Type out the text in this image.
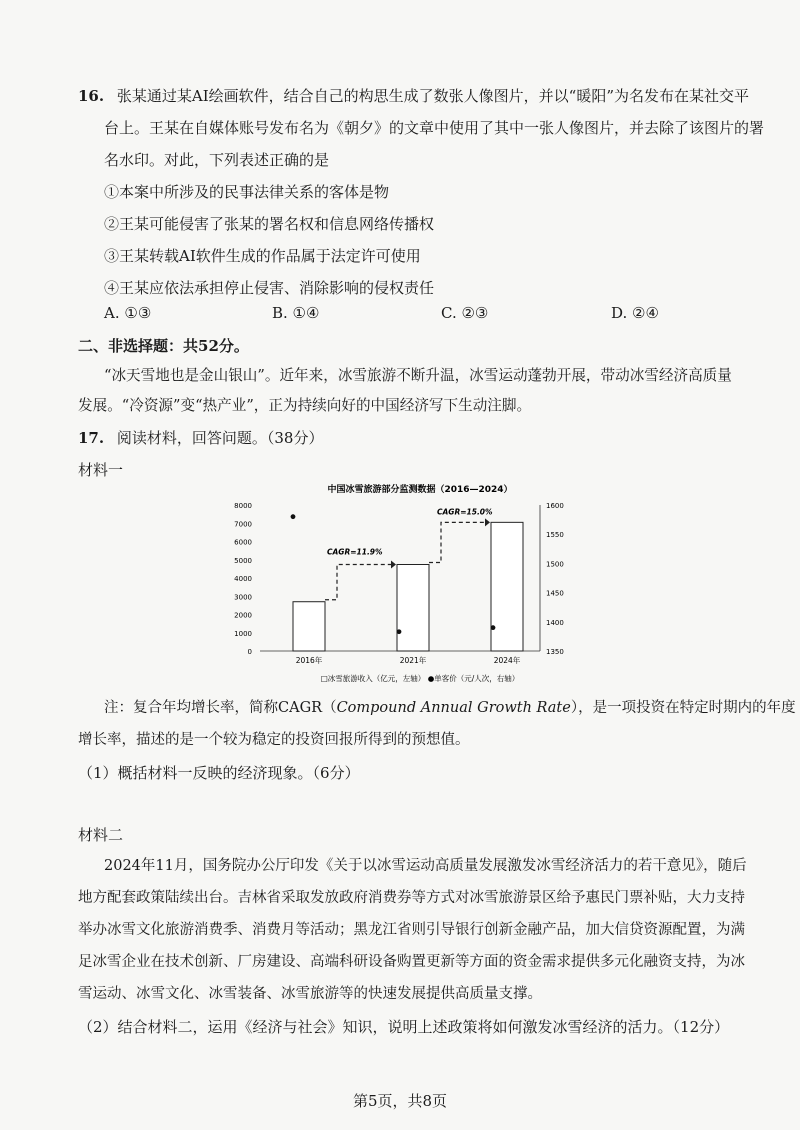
16. 张某通过某AI绘画软件，结合自己的构思生成了数张人像图片，并以“暖阳”为名发布在某社交平
台上。王某在自媒体账号发布名为《朝夕》的文章中使用了其中一张人像图片，并去除了该图片的署
名水印。对此，下列表述正确的是
①本案中所涉及的民事法律关系的客体是物
②王某可能侵害了张某的署名权和信息网络传播权
③王某转载AI软件生成的作品属于法定许可使用
④王某应依法承担停止侵害、消除影响的侵权责任
A. ①③	B. ①④	C. ②③	D. ②④
二、非选择题：共52分。
“冰天雪地也是金山银山”。近年来，冰雪旅游不断升温，冰雪运动蓬勃开展，带动冰雪经济高质量
发展。“冷资源”变“热产业”，正为持续向好的中国经济写下生动注脚。
17. 阅读材料，回答问题。（38分）
材料一
中国冰雪旅游部分监测数据（2016—2024）
0
1000
2000
3000
4000
5000
6000
7000
8000
1350
1400
1450
1500
1550
1600
2016年	2021年	2024年
CAGR=11.9%
CAGR=15.0%
□冰雪旅游收入（亿元，左轴） ●单客价（元/人次，右轴）
注：复合年均增长率，简称CAGR（Compound Annual Growth Rate），是一项投资在特定时期内的年度
增长率，描述的是一个较为稳定的投资回报所得到的预想值。
（1）概括材料一反映的经济现象。（6分）
材料二
2024年11月，国务院办公厅印发《关于以冰雪运动高质量发展激发冰雪经济活力的若干意见》，随后
地方配套政策陆续出台。吉林省采取发放政府消费券等方式对冰雪旅游景区给予惠民门票补贴，大力支持
举办冰雪文化旅游消费季、消费月等活动；黑龙江省则引导银行创新金融产品，加大信贷资源配置，为满
足冰雪企业在技术创新、厂房建设、高端科研设备购置更新等方面的资金需求提供多元化融资支持，为冰
雪运动、冰雪文化、冰雪装备、冰雪旅游等的快速发展提供高质量支撑。
（2）结合材料二，运用《经济与社会》知识，说明上述政策将如何激发冰雪经济的活力。（12分）
第5页，共8页
